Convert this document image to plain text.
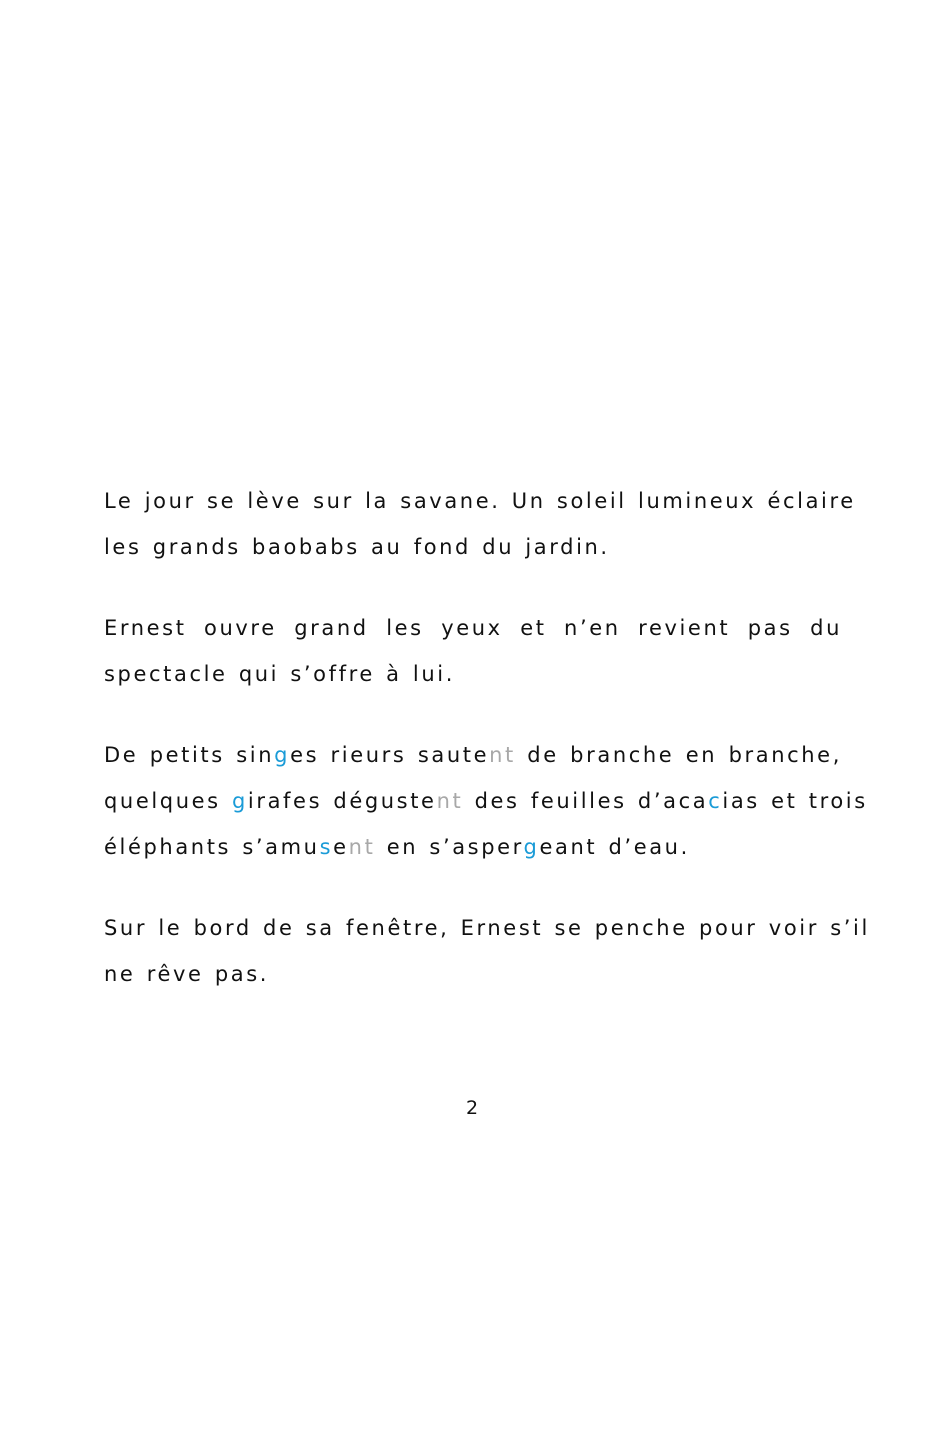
Le jour se lève sur la savane. Un soleil lumineux éclaire
les grands baobabs au fond du jardin.

Ernest ouvre grand les yeux et n’en revient pas du
spectacle qui s’offre à lui.

De petits singes rieurs sautent de branche en branche,
quelques girafes dégustent des feuilles d’acacias et trois
éléphants s’amusent en s’aspergeant d’eau.

Sur le bord de sa fenêtre, Ernest se penche pour voir s’il
ne rêve pas.

2
